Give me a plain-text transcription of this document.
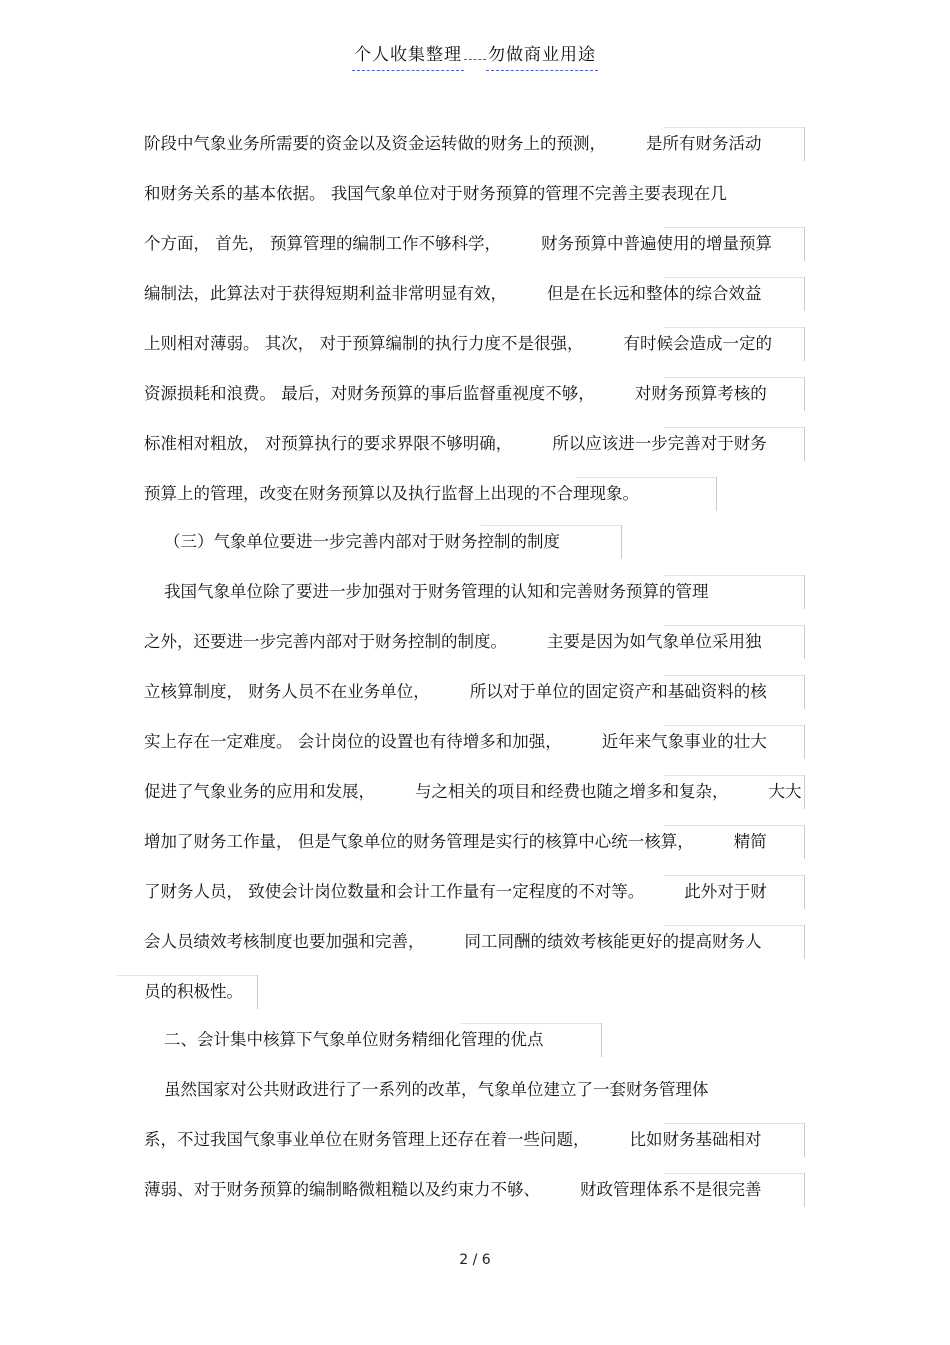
个人收集整理 勿做商业用途
阶段中气象业务所需要的资金以及资金运转做的财务上的预测， 是所有财务活动
和财务关系的基本依据。 我国气象单位对于财务预算的管理不完善主要表现在几
个方面， 首先， 预算管理的编制工作不够科学， 财务预算中普遍使用的增量预算
编制法，此算法对于获得短期利益非常明显有效， 但是在长远和整体的综合效益
上则相对薄弱。 其次， 对于预算编制的执行力度不是很强， 有时候会造成一定的
资源损耗和浪费。 最后，对财务预算的事后监督重视度不够， 对财务预算考核的
标准相对粗放， 对预算执行的要求界限不够明确， 所以应该进一步完善对于财务
预算上的管理，改变在财务预算以及执行监督上出现的不合理现象。
（三）气象单位要进一步完善内部对于财务控制的制度
我国气象单位除了要进一步加强对于财务管理的认知和完善财务预算的管理
之外，还要进一步完善内部对于财务控制的制度。 主要是因为如气象单位采用独
立核算制度， 财务人员不在业务单位， 所以对于单位的固定资产和基础资料的核
实上存在一定难度。 会计岗位的设置也有待增多和加强， 近年来气象事业的壮大
促进了气象业务的应用和发展， 与之相关的项目和经费也随之增多和复杂， 大大
增加了财务工作量， 但是气象单位的财务管理是实行的核算中心统一核算， 精简
了财务人员， 致使会计岗位数量和会计工作量有一定程度的不对等。 此外对于财
会人员绩效考核制度也要加强和完善， 同工同酬的绩效考核能更好的提高财务人
员的积极性。
二、会计集中核算下气象单位财务精细化管理的优点
虽然国家对公共财政进行了一系列的改革，气象单位建立了一套财务管理体
系，不过我国气象事业单位在财务管理上还存在着一些问题， 比如财务基础相对
薄弱、对于财务预算的编制略微粗糙以及约束力不够、 财政管理体系不是很完善
2 / 6
